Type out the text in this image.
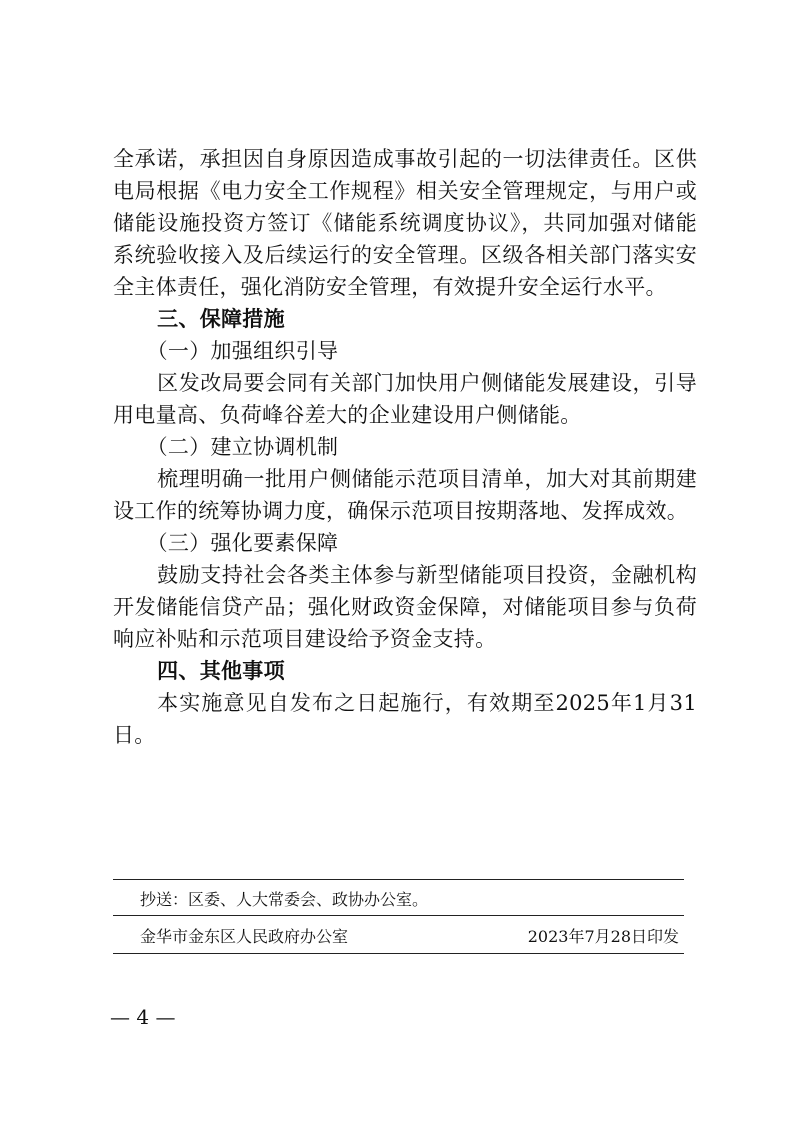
全承诺，承担因自身原因造成事故引起的一切法律责任。区供电局根据《电力安全工作规程》相关安全管理规定，与用户或储能设施投资方签订《储能系统调度协议》，共同加强对储能系统验收接入及后续运行的安全管理。区级各相关部门落实安全主体责任，强化消防安全管理，有效提升安全运行水平。

三、保障措施

（一）加强组织引导

区发改局要会同有关部门加快用户侧储能发展建设，引导用电量高、负荷峰谷差大的企业建设用户侧储能。

（二）建立协调机制

梳理明确一批用户侧储能示范项目清单，加大对其前期建设工作的统筹协调力度，确保示范项目按期落地、发挥成效。

（三）强化要素保障

鼓励支持社会各类主体参与新型储能项目投资，金融机构开发储能信贷产品；强化财政资金保障，对储能项目参与负荷响应补贴和示范项目建设给予资金支持。

四、其他事项

本实施意见自发布之日起施行，有效期至2025年1月31日。

抄送：区委、人大常委会、政协办公室。
金华市金东区人民政府办公室	2023年7月28日印发
— 4 —
